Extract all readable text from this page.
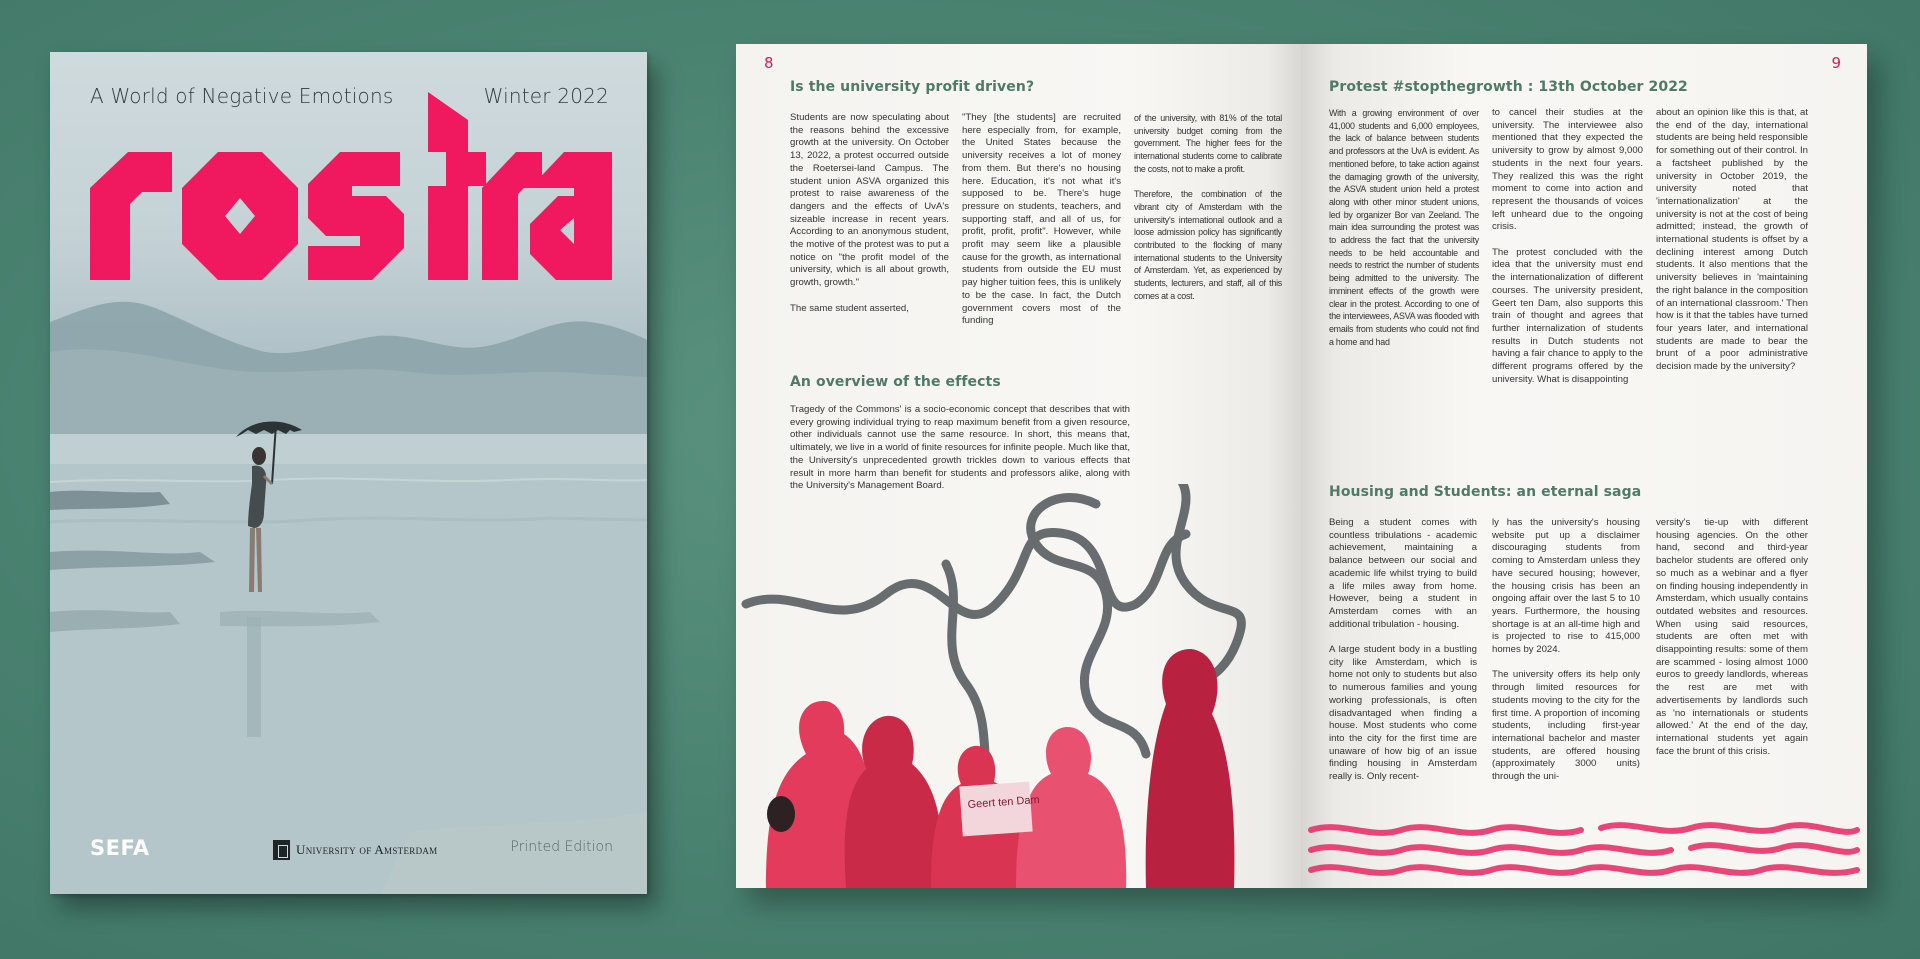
A World of Negative Emotions	Winter 2022
SEFA	University of Amsterdam	Printed Edition
8
Is the university profit driven?

Students are now speculating about the reasons behind the excessive growth at the university. On October 13, 2022, a protest occurred outside the Roetersei-land Campus. The student union ASVA organized this protest to raise awareness of the dangers and the effects of UvA's sizeable increase in recent years. According to an anonymous student, the motive of the protest was to put a notice on "the profit model of the university, which is all about growth, growth, growth."

The same student asserted,

"They [the students] are recruited here especially from, for example, the United States because the university receives a lot of money from them. But there's no housing here. Education, it's not what it's supposed to be. There's huge pressure on students, teachers, and supporting staff, and all of us, for profit, profit, profit". However, while profit may seem like a plausible cause for the growth, as international students from outside the EU must pay higher tuition fees, this is unlikely to be the case. In fact, the Dutch government covers most of the funding

of the university, with 81% of the total university budget coming from the government. The higher fees for the international students come to calibrate the costs, not to make a profit.

Therefore, the combination of the vibrant city of Amsterdam with the university's international outlook and a loose admission policy has significantly contributed to the flocking of many international students to the University of Amsterdam. Yet, as experienced by students, lecturers, and staff, all of this comes at a cost.

An overview of the effects

Tragedy of the Commons' is a socio-economic concept that describes that with every growing individual trying to reap maximum benefit from a given resource, other individuals cannot use the same resource. In short, this means that, ultimately, we live in a world of finite resources for infinite people. Much like that, the University's unprecedented growth trickles down to various effects that result in more harm than benefit for students and professors alike, along with the University's Management Board.

Geert ten Dam
9
Protest #stopthegrowth : 13th October 2022

With a growing environment of over 41,000 students and 6,000 employees, the lack of balance between students and professors at the UvA is evident. As mentioned before, to take action against the damaging growth of the university, the ASVA student union held a protest along with other minor student unions, led by organizer Bor van Zeeland. The main idea surrounding the protest was to address the fact that the university needs to be held accountable and needs to restrict the number of students being admitted to the university. The imminent effects of the growth were clear in the protest. According to one of the interviewees, ASVA was flooded with emails from students who could not find a home and had

to cancel their studies at the university. The interviewee also mentioned that they expected the university to grow by almost 9,000 students in the next four years. They realized this was the right moment to come into action and represent the thousands of voices left unheard due to the ongoing crisis.

The protest concluded with the idea that the university must end the internationalization of different courses. The university president, Geert ten Dam, also supports this train of thought and agrees that further internalization of students results in Dutch students not having a fair chance to apply to the different programs offered by the university. What is disappointing

about an opinion like this is that, at the end of the day, international students are being held responsible for something out of their control. In a factsheet published by the university in October 2019, the university noted that 'internationalization' at the university is not at the cost of being admitted; instead, the growth of international students is offset by a declining interest among Dutch students. It also mentions that the university believes in 'maintaining the right balance in the composition of an international classroom.' Then how is it that the tables have turned four years later, and international students are made to bear the brunt of a poor administrative decision made by the university?

Housing and Students: an eternal saga

Being a student comes with countless tribulations - academic achievement, maintaining a balance between our social and academic life whilst trying to build a life miles away from home. However, being a student in Amsterdam comes with an additional tribulation - housing.

A large student body in a bustling city like Amsterdam, which is home not only to students but also to numerous families and young working professionals, is often disadvantaged when finding a house. Most students who come into the city for the first time are unaware of how big of an issue finding housing in Amsterdam really is. Only recent-

ly has the university's housing website put up a disclaimer discouraging students from coming to Amsterdam unless they have secured housing; however, the housing crisis has been an ongoing affair over the last 5 to 10 years. Furthermore, the housing shortage is at an all-time high and is projected to rise to 415,000 homes by 2024.

The university offers its help only through limited resources for students moving to the city for the first time. A proportion of incoming students, including first-year international bachelor and master students, are offered housing (approximately 3000 units) through the uni-

versity's tie-up with different housing agencies. On the other hand, second and third-year bachelor students are offered only so much as a webinar and a flyer on finding housing independently in Amsterdam, which usually contains outdated websites and resources. When using said resources, students are often met with disappointing results: some of them are scammed - losing almost 1000 euros to greedy landlords, whereas the rest are met with advertisements by landlords such as 'no internationals or students allowed.' At the end of the day, international students yet again face the brunt of this crisis.
